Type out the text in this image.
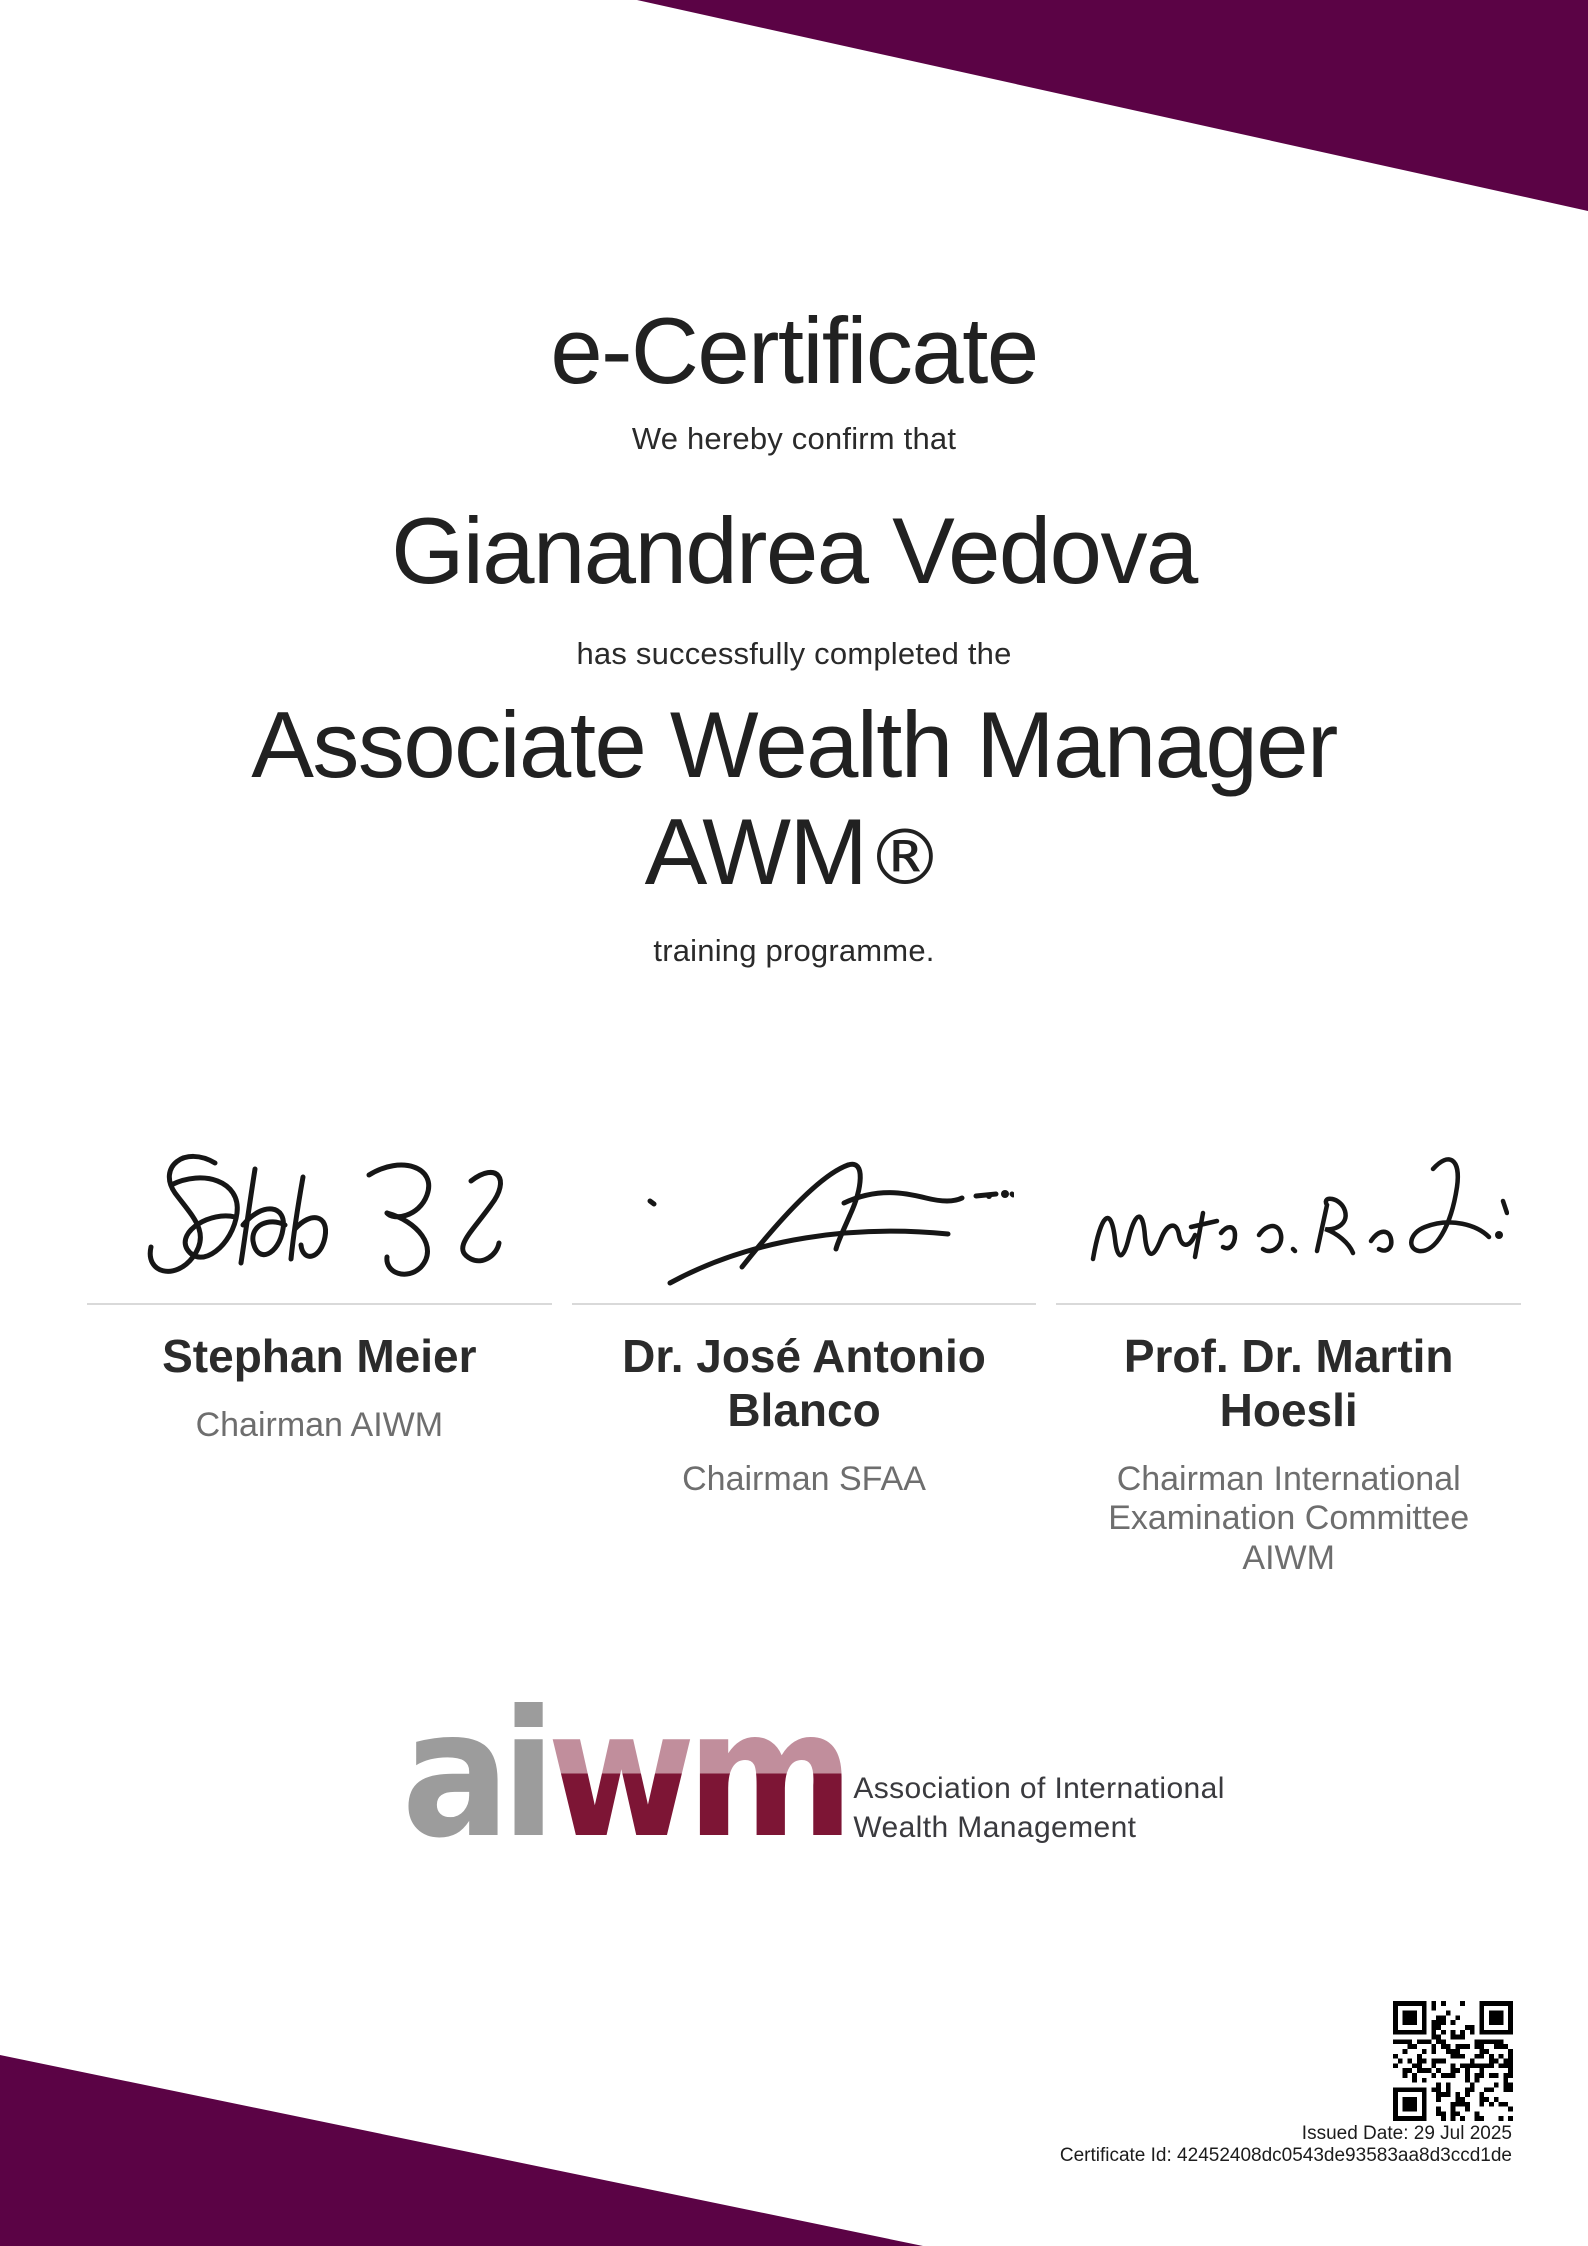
e-Certificate
We hereby confirm that
Gianandrea Vedova
has successfully completed the
Associate Wealth Manager
AWM®
training programme.
Stephan Meier
Chairman AIWM
Dr. José Antonio Blanco
Chairman SFAA
Prof. Dr. Martin Hoesli
Chairman International Examination Committee AIWM
aiwm Association of International
Wealth Management
Issued Date: 29 Jul 2025
Certificate Id: 42452408dc0543de93583aa8d3ccd1de
